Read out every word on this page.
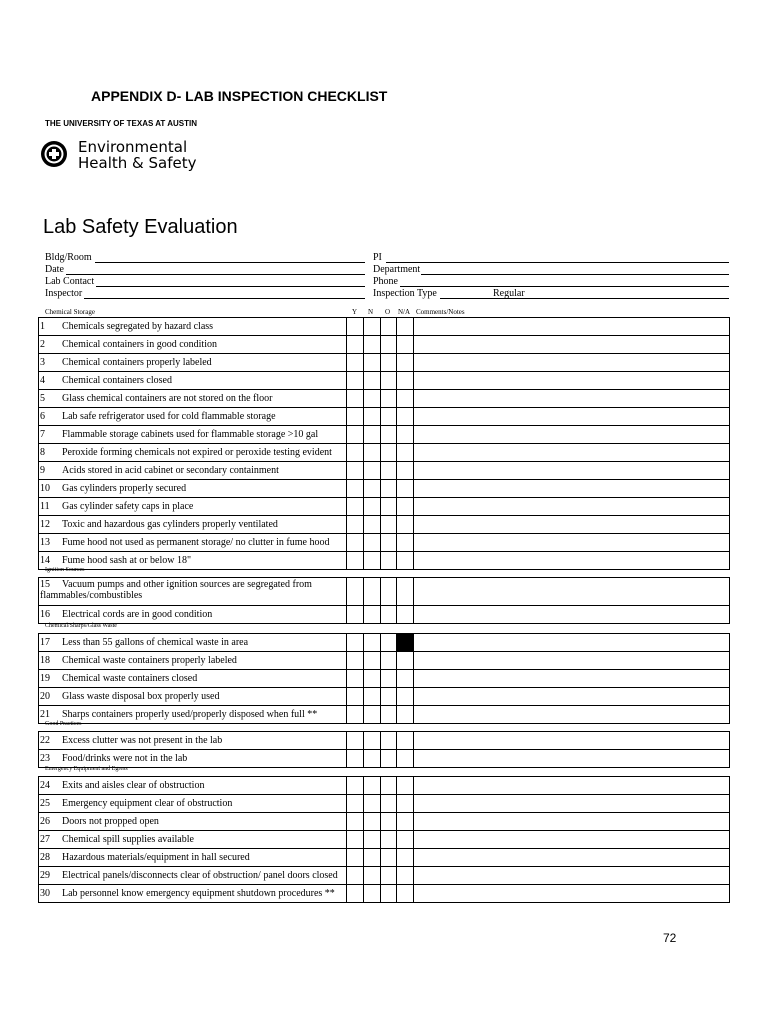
APPENDIX D- LAB INSPECTION CHECKLIST
THE UNIVERSITY OF TEXAS AT AUSTIN
Environmental
Health & Safety
Lab Safety Evaluation
Bldg/Room
Date
Lab Contact
Inspector
PI
Department
Phone
Inspection Type	Regular
Y N O N/A Comments/Notes
Chemical Storage
1 Chemicals segregated by hazard class
2 Chemical containers in good condition
3 Chemical containers properly labeled
4 Chemical containers closed
5 Glass chemical containers are not stored on the floor
6 Lab safe refrigerator used for cold flammable storage
7 Flammable storage cabinets used for flammable storage >10 gal
8 Peroxide forming chemicals not expired or peroxide testing evident
9 Acids stored in acid cabinet or secondary containment
10 Gas cylinders properly secured
11 Gas cylinder safety caps in place
12 Toxic and hazardous gas cylinders properly ventilated
13 Fume hood not used as permanent storage/ no clutter in fume hood
14 Fume hood sash at or below 18"
Ignition Sources
15	Vacuum pumps and other ignition sources are segregated from flammables/combustibles
16 Electrical cords are in good condition
Chemical/Sharps/Glass Waste
17 Less than 55 gallons of chemical waste in area
18 Chemical waste containers properly labeled
19 Chemical waste containers closed
20 Glass waste disposal box properly used
21 Sharps containers properly used/properly disposed when full **
Good Practices
22 Excess clutter was not present in the lab
23 Food/drinks were not in the lab
Emergency Equipment and Egress
24 Exits and aisles clear of obstruction
25 Emergency equipment clear of obstruction
26 Doors not propped open
27 Chemical spill supplies available
28 Hazardous materials/equipment in hall secured
29 Electrical panels/disconnects clear of obstruction/ panel doors closed
30 Lab personnel know emergency equipment shutdown procedures **
72
